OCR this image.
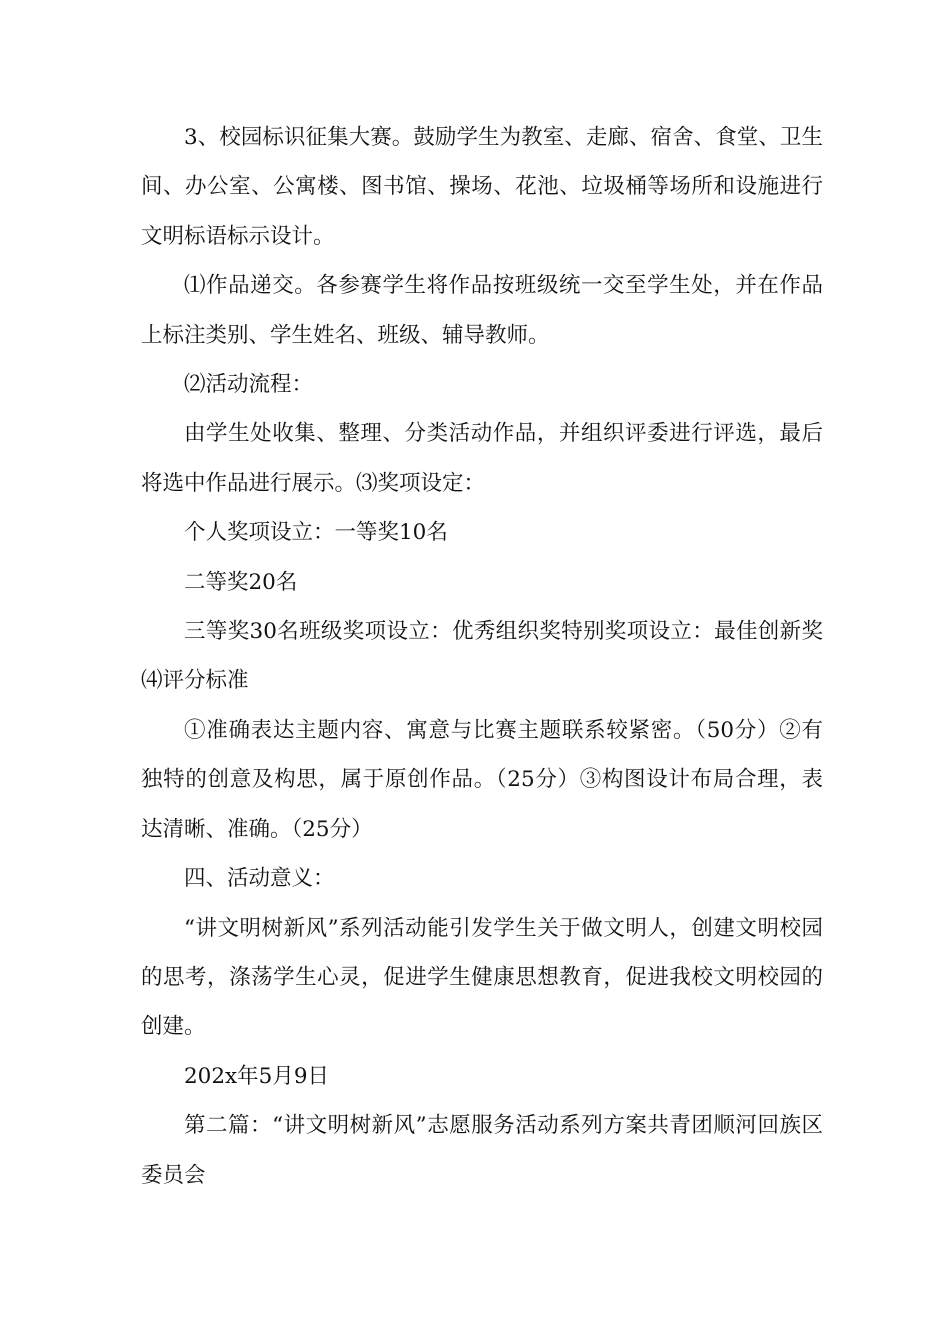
3、校园标识征集大赛。鼓励学生为教室、走廊、宿舍、食堂、卫生间、办公室、公寓楼、图书馆、操场、花池、垃圾桶等场所和设施进行文明标语标示设计。

⑴作品递交。各参赛学生将作品按班级统一交至学生处，并在作品上标注类别、学生姓名、班级、辅导教师。

⑵活动流程：

由学生处收集、整理、分类活动作品，并组织评委进行评选，最后将选中作品进行展示。⑶奖项设定：

个人奖项设立：一等奖10名

二等奖20名

三等奖30名班级奖项设立：优秀组织奖特别奖项设立：最佳创新奖⑷评分标准

①准确表达主题内容、寓意与比赛主题联系较紧密。（50分）②有独特的创意及构思，属于原创作品。（25分）③构图设计布局合理，表达清晰、准确。（25分）

四、活动意义：

“讲文明树新风”系列活动能引发学生关于做文明人，创建文明校园的思考，涤荡学生心灵，促进学生健康思想教育，促进我校文明校园的创建。

202x年5月9日

第二篇：“讲文明树新风”志愿服务活动系列方案共青团顺河回族区委员会
